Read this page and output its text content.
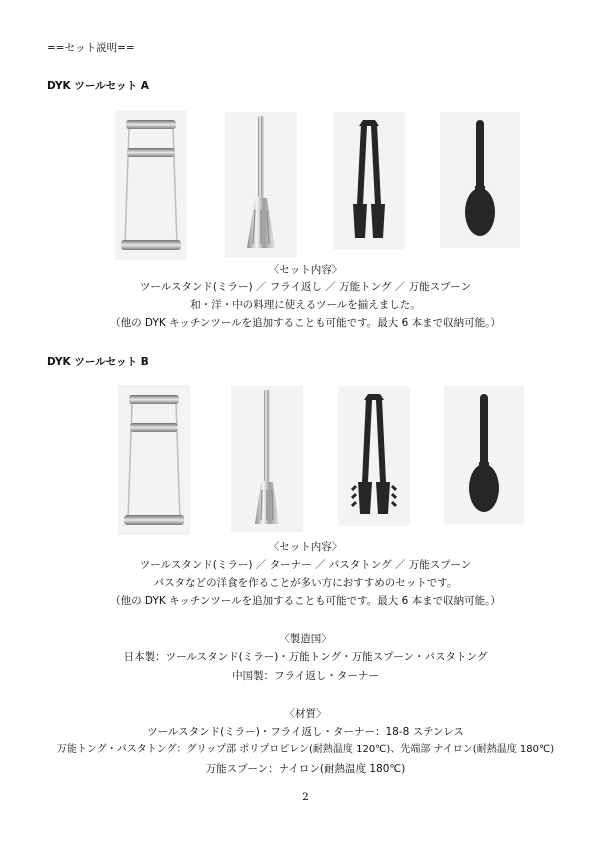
==セット説明==
DYK ツールセット A
〈セット内容〉
ツールスタンド(ミラー) ／ フライ返し ／ 万能トング ／ 万能スプーン
和・洋・中の料理に使えるツールを揃えました。
（他の DYK キッチンツールを追加することも可能です。最大 6 本まで収納可能。）
DYK ツールセット B
〈セット内容〉
ツールスタンド(ミラー) ／ ターナー ／ パスタトング ／ 万能スプーン
パスタなどの洋食を作ることが多い方におすすめのセットです。
（他の DYK キッチンツールを追加することも可能です。最大 6 本まで収納可能。）
〈製造国〉
日本製：ツールスタンド(ミラー)・万能トング・万能スプーン・パスタトング
中国製：フライ返し・ターナー
〈材質〉
ツールスタンド(ミラー)・フライ返し・ターナー：18-8 ステンレス
万能トング・パスタトング：グリップ部 ポリプロピレン(耐熱温度 120℃)、先端部 ナイロン(耐熱温度 180℃)
万能スプーン：ナイロン(耐熱温度 180℃)
2
